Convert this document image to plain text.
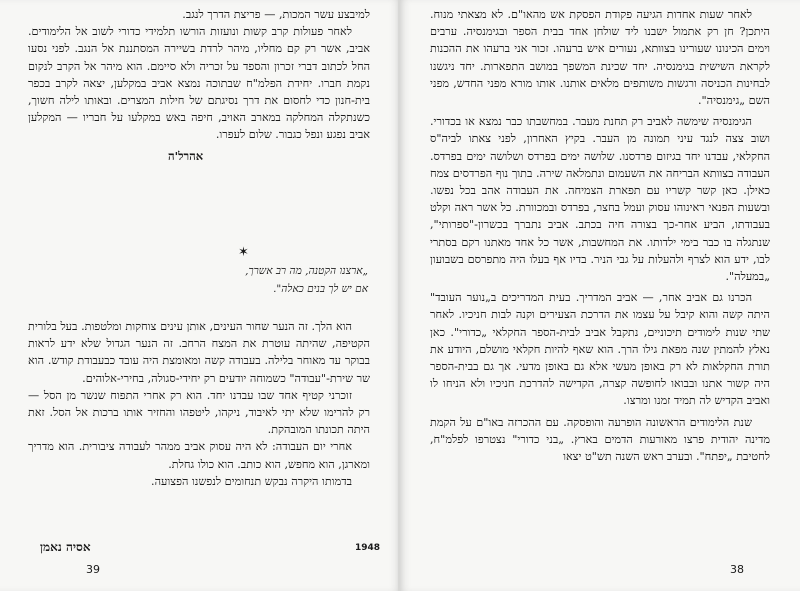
למיבצע עשר המכות, — פריצת הדרך לנגב.

לאחר פעולות קרב קשות ונועזות הורשו תלמידי כדורי לשוב אל הלימודים. אביב, אשר רק קם מחליו, מיהר לרדת בשיירה המסתננת אל הנגב. לפני נסעו החל לכתוב דברי זכרון והספד על זכריה ולא סיימם. הוא מיהר אל הקרב לנקום נקמת חברו. יחידת הפלמ"ח שבתוכה נמצא אביב במקלען, יצאה לקרב בכפר בית-חנון כדי לחסום את דרך נסיגתם של חילות המצרים. ובאותו לילה חשוך, כשנתקלה המחלקה במארב האויב, חיפה באש במקלעו על חבריו — המקלען אביב נפגע ונפל כגבור. שלום לעפרו.

אהרל'ה

✶
„ארצנו הקטנה, מה רב אשרך,
אם יש לך בנים כאלה".

הוא הלך. זה הנער שחור העינים, אותן עינים צוחקות ומלטפות. בעל בלורית הקטיפה, שהיתה עוטרת את המצח הרחב. זה הנער הגדול שלא ידע לראות בבוקר עד מאוחר בלילה. בעבודה קשה ומאומצת היה עובד כבעבודת קודש. הוא שר שירת-"עבודה" כשמוחה יודעים רק יחידי-סגולה, בחירי-אלוהים.

זוכרני קטיף אחד שבו עבדנו יחד. הוא רק אחרי התפוח שנשר מן הסל — רק להרימו שלא יתי לאיבוד, ניקהו, ליטפהו והחזיר אותו ברכות אל הסל. זאת היתה תכונתו המובהקת.

אחרי יום העבודה: לא היה עסוק אביב ממהר לעבודה ציבורית. הוא מדריך ומארגן, הוא מחפש, הוא כותב. הוא כולו גחלת.

בדמותו היקרה נבקש תנחומים לנפשנו הפצועה.

אסיה נאמן	1948
39

לאחר שעות אחדות הגיעה פקודת הפסקת אש מהאו"ם. לא מצאתי מנוח. היתכן? חן רק אתמול ישבנו ליד שולחן אחד בבית הספר ובגימנסיה. ערבים וימים הכינונו שעורינו בצוותא, נעורים איש ברעהו. זכור אני ברעהו את ההכנות לקראת השישית בגימנסיה. יחד שכינת המשפך במושב התפארות. יחד ניגשנו לבחינות הכניסה ורגשות משותפים מלאים אותנו. אותו מורא מפני החדש, מפני השם „גימנסיה".

הגימנסיה שימשה לאביב רק תחנת מעבר. במחשבתו כבר נמצא או בכדורי. ושוב צצה לנגד עיני תמונה מן העבר. בקיץ האחרון, לפני צאתו לביה"ס החקלאי, עבדנו יחד בגיזום פרדסנו. שלושה ימים בפרדס ושלושה ימים בפרדס. העבודה בצוותא הבריחה את השעמום ונתמלאה שירה. בתוך נוף הפרדסים צמח כאילן. כאן קשר קשריו עם תפארת הצמיחה. את העבודה אהב בכל נפשו. ובשעות הפנאי ראינוהו עסוק ועמל בחצר, בפרדס ובמכוורת. כל אשר ראה וקלט בעבודתו, הביע אחר-כך בצורה חיה בכתב. אביב נתברך בכשרון-"ספרותי", שנתגלה בו כבר בימי ילדותו. את המחשבות, אשר כל אחד מאתנו רקם בסתרי לבו, ידע הוא לצרף ולהעלות על גבי הניר. בדיו אף בעלו היה מתפרסם בשבועון „במעלה".

הכרנו גם אביב אחר, — אביב המדריך. בעית המדריכים ב„נוער העובד" היתה קשה והוא קיבל על עצמו את הדרכת הצעירים וקנה לבות חניכיו. לאחר שתי שנות לימודים תיכוניים, נתקבל אביב לבית-הספר החקלאי „כדורי". כאן נאלץ להמתין שנה מפאת גילו הרך. הוא שאף להיות חקלאי מושלם, היודע את תורת החקלאות לא רק באופן מעשי אלא גם באופן מדעי. אך גם בבית-הספר היה קשור אתנו ובבואו לחופשה קצרה, הקדישה להדרכת חניכיו ולא הניחו לו ואביב הקדיש לה תמיד זמנו ומרצו.

שנת הלימודים הראשונה הופרעה והופסקה. עם ההכרזה באו"ם על הקמת מדינה יהודית פרצו מאורעות הדמים בארץ. „בני כדורי" נצטרפו לפלמ"ח, לחטיבת „יפתח". ובערב ראש השנה תש"ט יצאו

38
